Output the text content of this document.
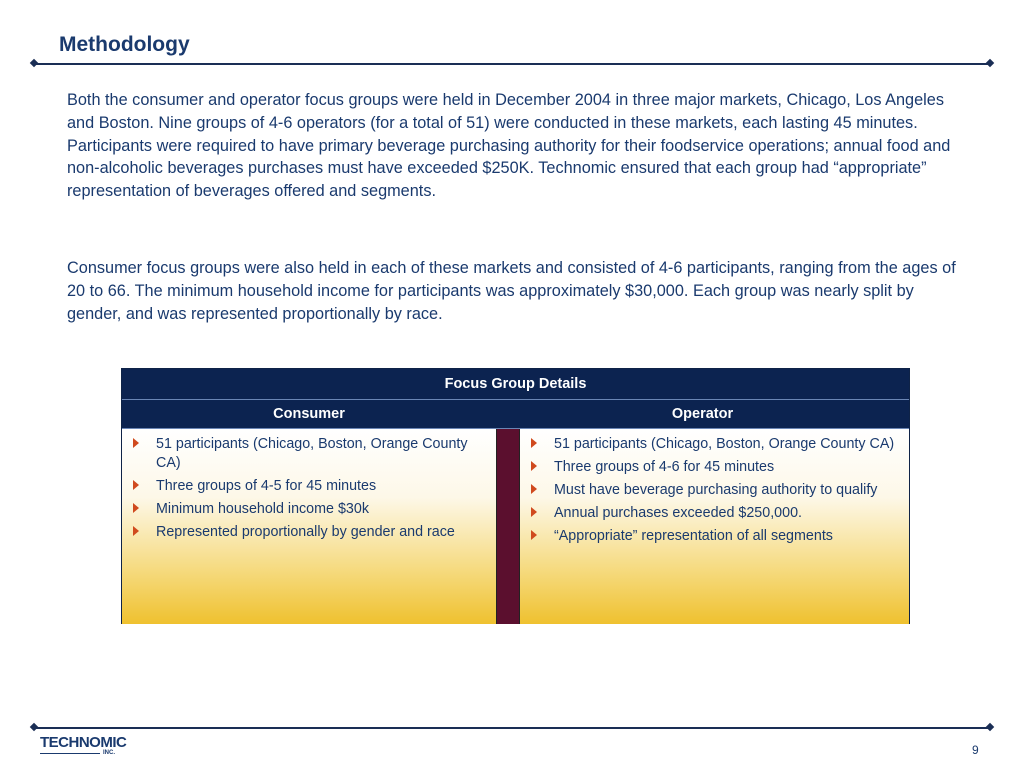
Methodology

Both the consumer and operator focus groups were held in December 2004 in three major markets, Chicago, Los Angeles and Boston. Nine groups of 4-6 operators (for a total of 51) were conducted in these markets, each lasting 45 minutes. Participants were required to have primary beverage purchasing authority for their foodservice operations; annual food and non-alcoholic beverages purchases must have exceeded $250K. Technomic ensured that each group had “appropriate” representation of beverages offered and segments.

Consumer focus groups were also held in each of these markets and consisted of 4-6 participants, ranging from the ages of 20 to 66. The minimum household income for participants was approximately $30,000. Each group was nearly split by gender, and was represented proportionally by race.

Focus Group Details
Consumer	Operator
51 participants (Chicago, Boston, Orange County CA)
Three groups of 4-5 for 45 minutes
Minimum household income $30k
Represented proportionally by gender and race
51 participants (Chicago, Boston, Orange County CA)
Three groups of 4-6 for 45 minutes
Must have beverage purchasing authority to qualify
Annual purchases exceeded $250,000.
“Appropriate” representation of all segments
TECHNOMIC
INC.	9
